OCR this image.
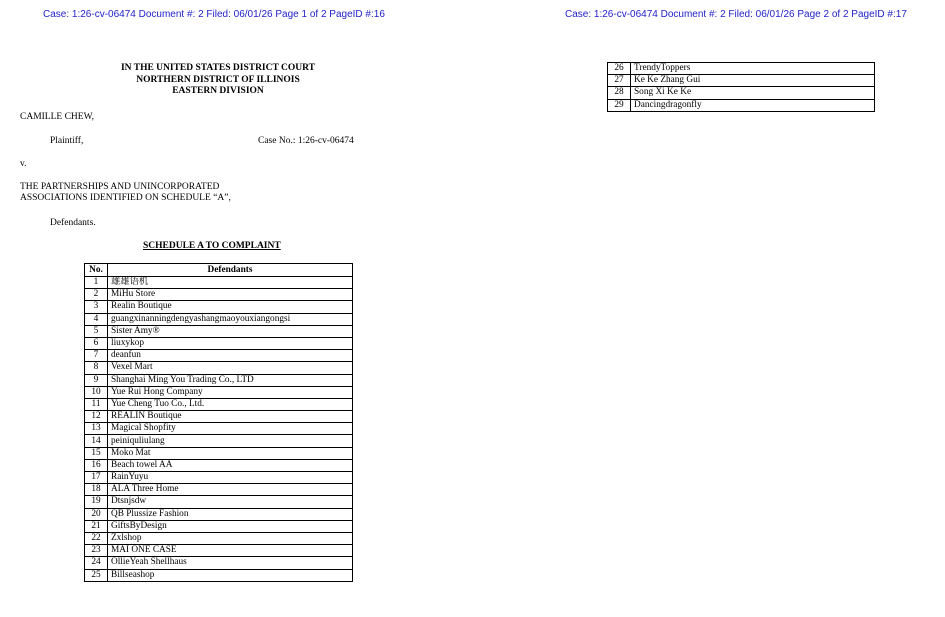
Case: 1:26-cv-06474 Document #: 2 Filed: 06/01/26 Page 1 of 2 PageID #:16
IN THE UNITED STATES DISTRICT COURT
NORTHERN DISTRICT OF ILLINOIS
EASTERN DIVISION
CAMILLE CHEW,
Plaintiff,	Case No.: 1:26-cv-06474
v.
THE PARTNERSHIPS AND UNINCORPORATED
ASSOCIATIONS IDENTIFIED ON SCHEDULE “A”,
Defendants.
SCHEDULE A TO COMPLAINT
No.	Defendants
1	雄雄语机
2	MiHu Store
3	Realin Boutique
4	guangxinanningdengyashangmaoyouxiangongsi
5	Sister Amy®
6	liuxykop
7	deanfun
8	Vexel Mart
9	Shanghai Ming You Trading Co., LTD
10	Yue Rui Hong Company
11	Yue Cheng Tuo Co., Ltd.
12	REALIN Boutique
13	Magical Shopfity
14	peiniquliulang
15	Moko Mat
16	Beach towel AA
17	RainYuyu
18	ALA Three Home
19	Dtsnjsdw
20	QB Plussize Fashion
21	GiftsByDesign
22	Zxlshop
23	MAI ONE CASE
24	OllieYeah Shellhaus
25	Billseashop
Case: 1:26-cv-06474 Document #: 2 Filed: 06/01/26 Page 2 of 2 PageID #:17
26	TrendyToppers
27	Ke Ke Zhang Gui
28	Song Xi Ke Ke
29	Dancingdragonfly
